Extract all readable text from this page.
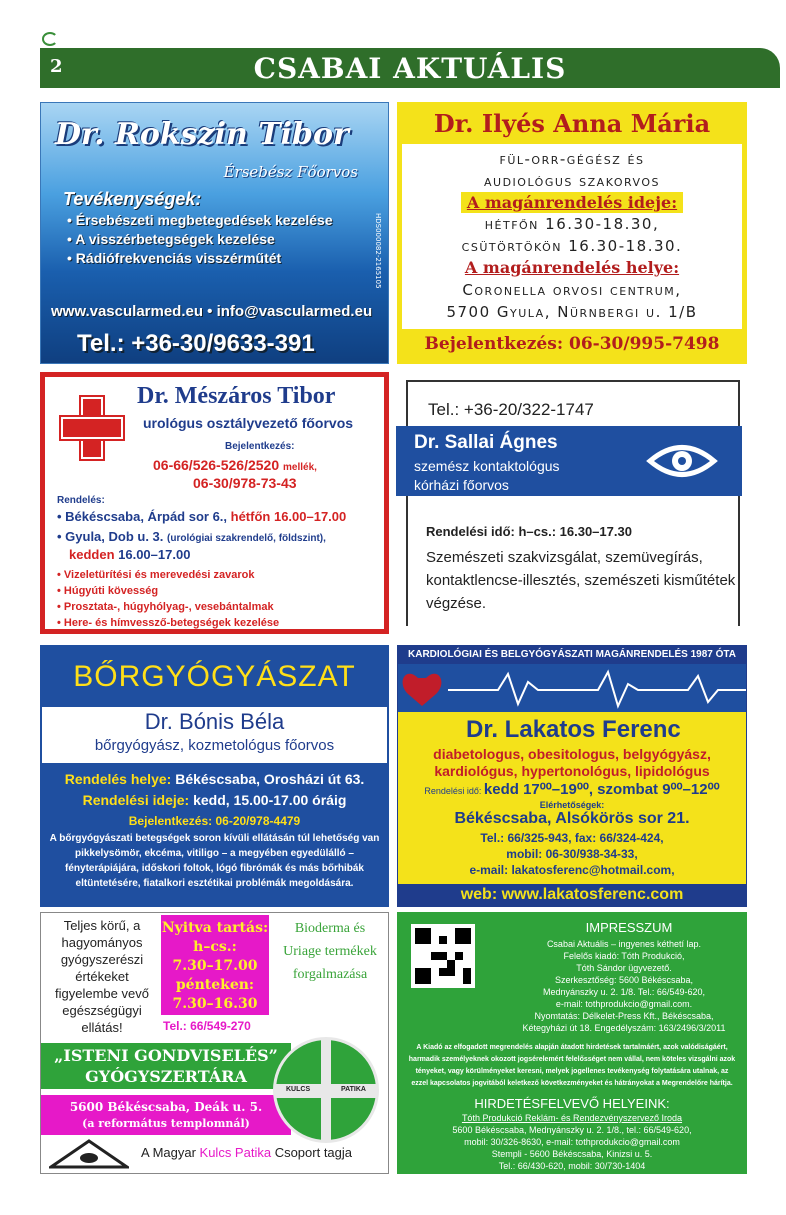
2	CSABAI AKTUÁLIS
Dr. Rokszin Tibor
Érsebész Főorvos
Tevékenységek:
• Érsebészeti megbetegedések kezelése
• A visszérbetegségek kezelése
• Rádiófrekvenciás visszérműtét
www.vascularmed.eu • info@vascularmed.eu
Tel.: +36-30/9633-391
HDS000082-2165105
Dr. Ilyés Anna Mária
fül-orr-gégész és
audiológus szakorvos
A magánrendelés ideje:
hétfőn 16.30-18.30,
csütörtökön 16.30-18.30.
A magánrendelés helye:
Coronella orvosi centrum,
5700 Gyula, Nürnbergi u. 1/B
Bejelentkezés: 06-30/995-7498
Dr. Mészáros Tibor
urológus osztályvezető főorvos
Bejelentkezés:
06-66/526-526/2520 mellék,
06-30/978-73-43
Rendelés:
• Békéscsaba, Árpád sor 6., hétfőn 16.00–17.00
• Gyula, Dob u. 3. (urológiai szakrendelő, földszint),
kedden 16.00–17.00
• Vizeletürítési és merevedési zavarok
• Húgyúti kövesség
• Prosztata-, húgyhólyag-, vesebántalmak
• Here- és hímvessző-betegségek kezelése
Tel.: +36-20/322-1747
Dr. Sallai Ágnes
szemész kontaktológus
kórházi főorvos
Rendelési idő: h–cs.: 16.30–17.30
Szemészeti szakvizsgálat, szemüvegírás, kontaktlencse-illesztés, szemészeti kisműtétek végzése.
BŐRGYÓGYÁSZAT
Dr. Bónis Béla
bőrgyógyász, kozmetológus főorvos
Rendelés helye: Békéscsaba, Orosházi út 63.
Rendelési ideje: kedd, 15.00-17.00 óráig
Bejelentkezés: 06-20/978-4479
A bőrgyógyászati betegségek soron kívüli ellátásán túl lehetőség van pikkelysömör, ekcéma, vitiligo – a megyében egyedülálló – fényterápiájára, időskori foltok, lógó fibrómák és más bőrhibák eltüntetésére, fiatalkori esztétikai problémák megoldására.
KARDIOLÓGIAI ÉS BELGYÓGYÁSZATI MAGÁNRENDELÉS 1987 ÓTA
Dr. Lakatos Ferenc
diabetologus, obesitologus, belgyógyász,
kardiológus, hypertonológus, lipidológus
Rendelési idő: kedd 17⁰⁰–19⁰⁰, szombat 9⁰⁰–12⁰⁰
Elérhetőségek:
Békéscsaba, Alsókörös sor 21.
Tel.: 66/325-943, fax: 66/324-424,
mobil: 06-30/938-34-33,
e-mail: lakatosferenc@hotmail.com,
web: www.lakatosferenc.com
Teljes körű, a hagyományos gyógyszerészi értékeket figyelembe vevő egészségügyi ellátás!
Nyitva tartás:
h–cs.:
7.30–17.00
pénteken:
7.30–16.30
Tel.: 66/549-270
Bioderma és Uriage termékek forgalmazása
„ISTENI GONDVISELÉS”
GYÓGYSZERTÁRA
5600 Békéscsaba, Deák u. 5.
(a református templomnál)
KULCS	PATIKA
A Magyar Kulcs Patika Csoport tagja
IMPRESSZUM
Csabai Aktuális – ingyenes kéthetí lap.
Felelős kiadó: Tóth Produkció,
Tóth Sándor ügyvezető.
Szerkesztőség: 5600 Békéscsaba,
Mednyánszky u. 2. 1/8. Tel.: 66/549-620,
e-mail: tothprodukcio@gmail.com.
Nyomtatás: Délkelet-Press Kft., Békéscsaba,
Kétegyházi út 18. Engedélyszám: 163/2496/3/2011
A Kiadó az elfogadott megrendelés alapján átadott hirdetések tartalmáért, azok valódiságáért, harmadik személyeknek okozott jogsérelemért felelősséget nem vállal, nem köteles vizsgálni azok tényeket, vagy körülményeket keresni, melyek jogellenes tevékenység folytatására utalnak, az ezzel kapcsolatos jogvitából keletkező következményeket és hátrányokat a Megrendelőre hárítja.
HIRDETÉSFELVEVŐ HELYEINK:
Tóth Produkció Reklám- és Rendezvényszervező Iroda
5600 Békéscsaba, Mednyánszky u. 2. 1/8., tel.: 66/549-620,
mobil: 30/326-8630, e-mail: tothprodukcio@gmail.com
Stempli - 5600 Békéscsaba, Kinizsi u. 5.
Tel.: 66/430-620, mobil: 30/730-1404
